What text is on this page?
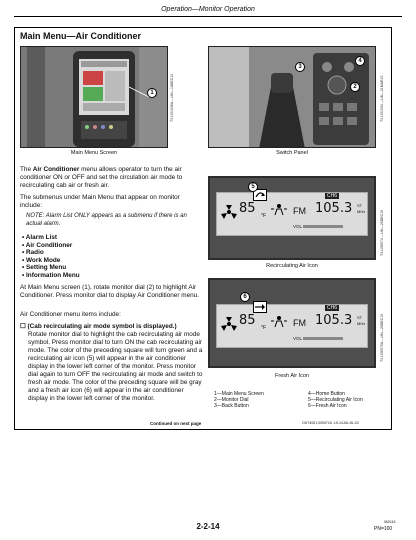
Operation—Monitor Operation
Main Menu—Air Conditioner
1	TX1151036A —UN—18DEC12
Main Menu Screen
3
4
2	TX1151034 —UN—21MAR15
Switch Panel
The Air Conditioner menu allows operator to turn the air conditioner ON or OFF and set the circulation air mode to recirculating cab air or fresh air.
The submenus under Main Menu that appear on monitor include:
NOTE: Alarm List ONLY appears as a submenu if there is an actual alarm.
• Alarm List
• Air Conditioner
• Radio
• Work Mode
• Setting Menu
• Information Menu
At Main Menu screen (1), rotate monitor dial (2) to highlight Air Conditioner. Press monitor dial to display Air Conditioner menu.
Air Conditioner menu items include:
☐ (Cab recirculating air mode symbol is displayed.)
Rotate monitor dial to highlight the cab recirculating air mode symbol. Press monitor dial to turn ON the cab recirculating air mode. The color of the preceding square will turn green and a recirculating air icon (5) will appear in the air conditioner display in the lower left corner of the monitor. Press monitor dial again to turn OFF the recirculating air mode and switch to fresh air mode. The color of the preceding square will be gray and a fresh air icon (6) will appear in the air conditioner display in the lower left corner of the monitor.
85 °F	FM
VOL
CH6
105.3 ST
MHz
5
TX1156574 —UN—26DEC15
Recirculating Air Icon
85 °F	FM
VOL
CH6
105.3 ST
MHz
6
TX1156575A —UN—26DEC15
Fresh Air Icon
1—Main Menu Screen	4—Home Button
2—Monitor Dial	5—Recirculating Air Icon
3—Back Button	6—Fresh Air Icon
Continued on next page	OUT4001,0000716 -19-14JUL15-1/2
2-2-14	060116
PN=100
